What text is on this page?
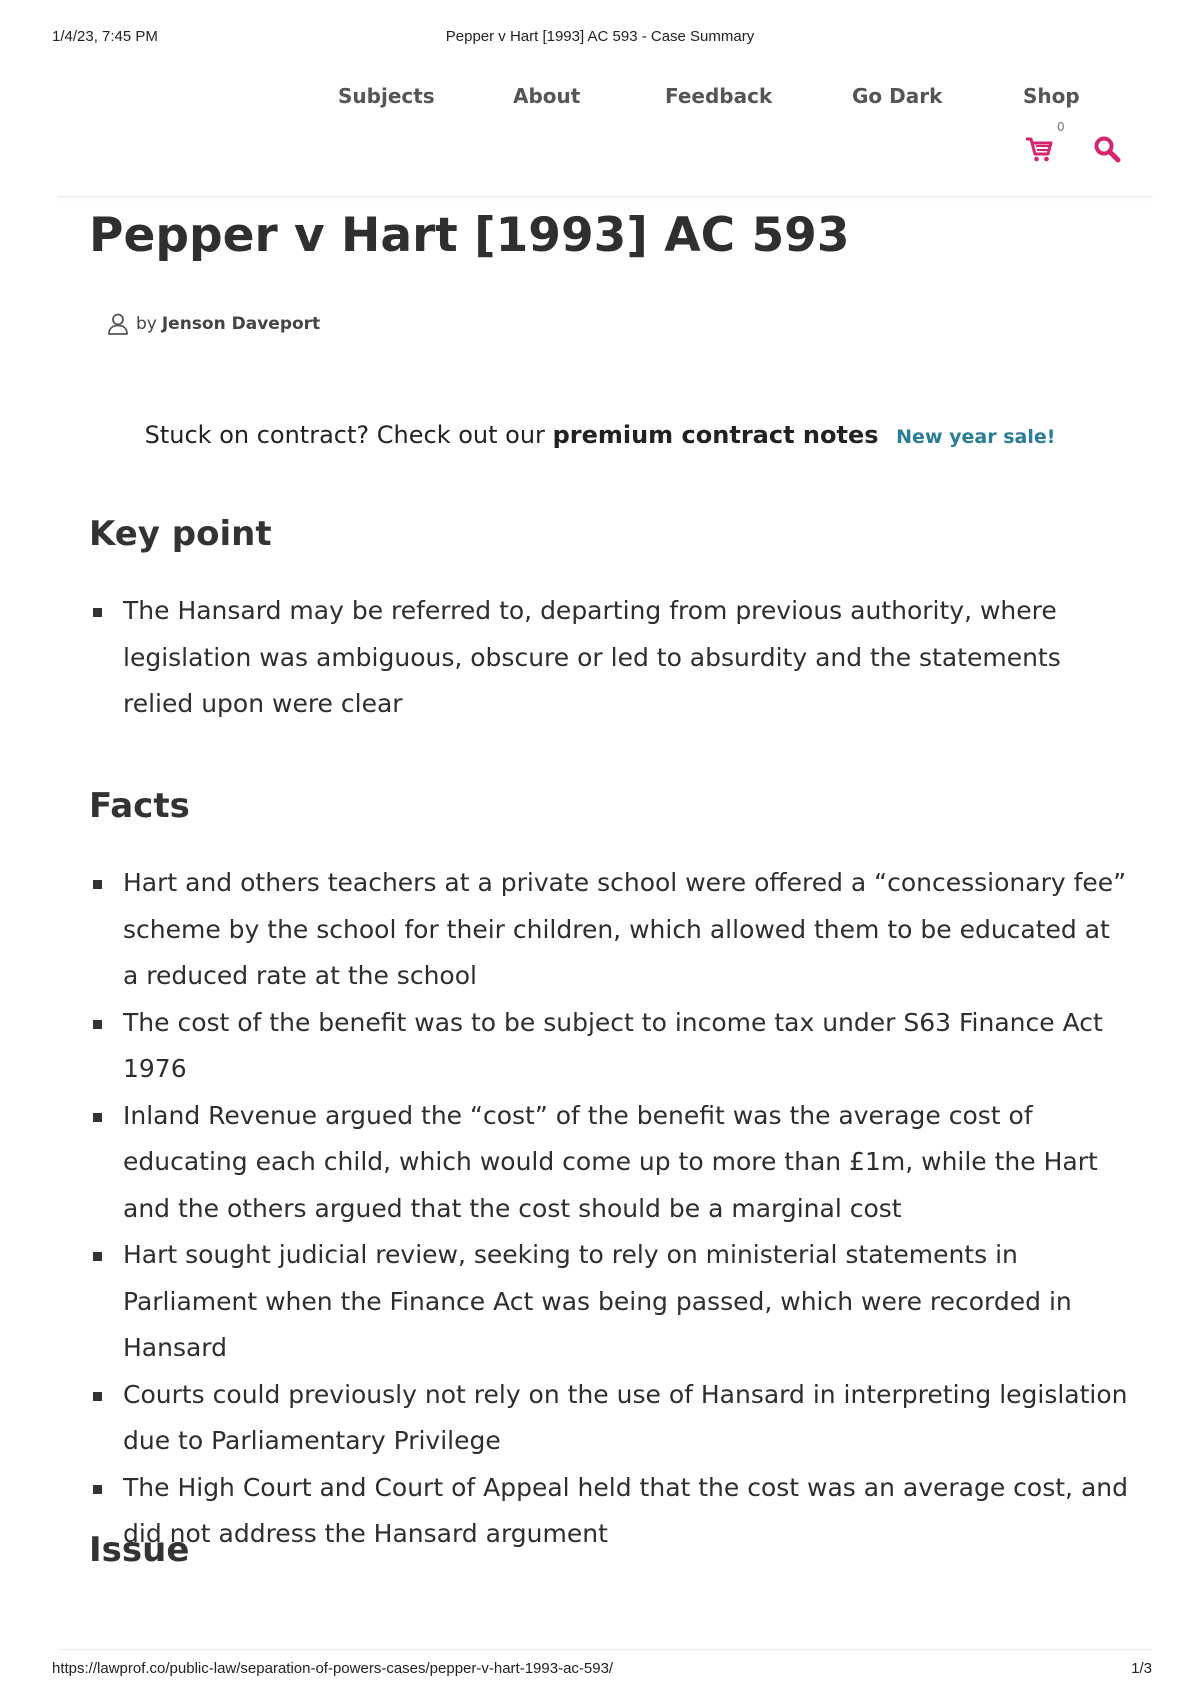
1/4/23, 7:45 PM	Pepper v Hart [1993] AC 593 - Case Summary
Subjects	About	Feedback	Go Dark	Shop
0
Pepper v Hart [1993] AC 593
by Jenson Daveport
Stuck on contract? Check out our premium contract notes New year sale!
Key point
The Hansard may be referred to, departing from previous authority, where legislation was ambiguous, obscure or led to absurdity and the statements relied upon were clear
Facts
Hart and others teachers at a private school were offered a “concessionary fee” scheme by the school for their children, which allowed them to be educated at a reduced rate at the school
The cost of the benefit was to be subject to income tax under S63 Finance Act 1976
Inland Revenue argued the “cost” of the benefit was the average cost of educating each child, which would come up to more than £1m, while the Hart and the others argued that the cost should be a marginal cost
Hart sought judicial review, seeking to rely on ministerial statements in Parliament when the Finance Act was being passed, which were recorded in Hansard
Courts could previously not rely on the use of Hansard in interpreting legislation due to Parliamentary Privilege
The High Court and Court of Appeal held that the cost was an average cost, and did not address the Hansard argument
Issue
https://lawprof.co/public-law/separation-of-powers-cases/pepper-v-hart-1993-ac-593/	1/3
